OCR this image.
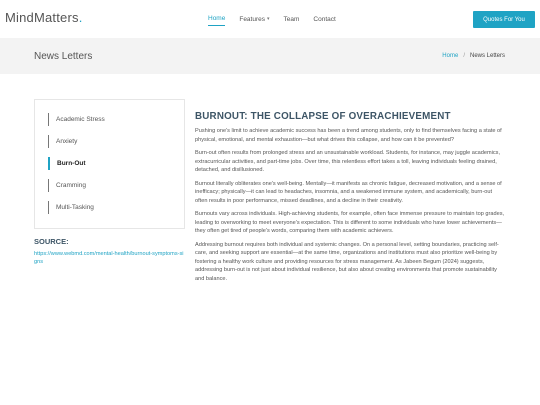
MindMatters.	Home Features ▾ Team Contact	Quotes For You
News Letters	Home / News Letters
Academic Stress
Anxiety
Burn-Out
Cramming
Multi-Tasking
SOURCE:
https://www.webmd.com/mental-health/burnout-symptoms-signs
BURNOUT: THE COLLAPSE OF OVERACHIEVEMENT

Pushing one's limit to achieve academic success has been a trend among students, only to find themselves facing a state of physical, emotional, and mental exhaustion—but what drives this collapse, and how can it be prevented?

Burn-out often results from prolonged stress and an unsustainable workload. Students, for instance, may juggle academics, extracurricular activities, and part-time jobs. Over time, this relentless effort takes a toll, leaving individuals feeling drained, detached, and disillusioned.

Burnout literally obliterates one's well-being. Mentally—it manifests as chronic fatigue, decreased motivation, and a sense of inefficacy; physically—it can lead to headaches, insomnia, and a weakened immune system, and academically, burn-out often results in poor performance, missed deadlines, and a decline in their creativity.

Burnouts vary across individuals. High-achieving students, for example, often face immense pressure to maintain top grades, leading to overworking to meet everyone's expectation. This is different to some individuals who have lower achievements—they often get tired of people's words, comparing them with academic achievers.

Addressing burnout requires both individual and systemic changes. On a personal level, setting boundaries, practicing self-care, and seeking support are essential—at the same time, organizations and institutions must also prioritize well-being by fostering a healthy work culture and providing resources for stress management. As Jabeen Begum (2024) suggests, addressing burn-out is not just about individual resilience, but also about creating environments that promote sustainability and balance.
